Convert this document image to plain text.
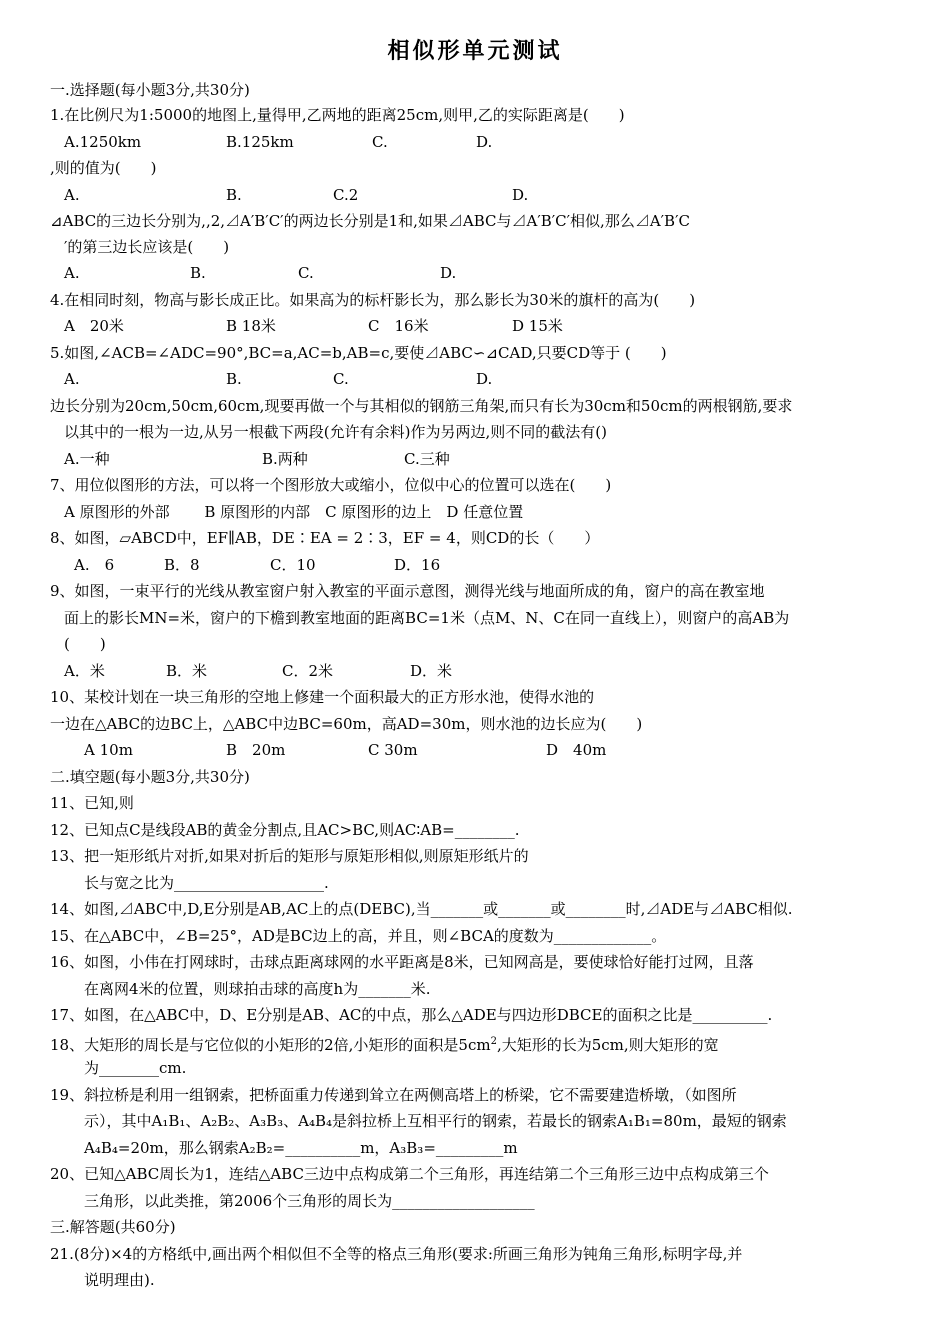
相似形单元测试
一.选择题(每小题3分,共30分)
1.在比例尺为1:5000的地图上,量得甲,乙两地的距离25cm,则甲,乙的实际距离是(　　)
A.1250km	B.125km	C.	D.
,则的值为(　　)
A.	B.	C.2	D.
⊿ABC的三边长分别为,,2,⊿A′B′C′的两边长分别是1和,如果⊿ABC与⊿A′B′C′相似,那么⊿A′B′C
′的第三边长应该是(　　)
A.	B.	C.	D.
4.在相同时刻，物高与影长成正比。如果高为的标杆影长为，那么影长为30米的旗杆的高为(　　)
A　20米	B 18米	C　16米	D 15米
5.如图,∠ACB=∠ADC=90°,BC=a,AC=b,AB=c,要使⊿ABC∽⊿CAD,只要CD等于 (　　)
A.	B.	C.	D.
边长分别为20cm,50cm,60cm,现要再做一个与其相似的钢筋三角架,而只有长为30cm和50cm的两根钢筋,要求
以其中的一根为一边,从另一根截下两段(允许有余料)作为另两边,则不同的截法有()
A.一种	B.两种	C.三种
7、用位似图形的方法，可以将一个图形放大或缩小，位似中心的位置可以选在(　　)
A 原图形的外部　　 B 原图形的内部　C 原图形的边上　D 任意位置
8、如图，▱ABCD中，EF∥AB，DE∶EA = 2∶3，EF = 4，则CD的长（　　）
A.　6	B．8	C．10	D．16
9、如图，一束平行的光线从教室窗户射入教室的平面示意图，测得光线与地面所成的角，窗户的高在教室地
面上的影长MN=米，窗户的下檐到教室地面的距离BC=1米（点M、N、C在同一直线上），则窗户的高AB为
(　　)
A．米	B．米	C．2米	D．米
10、某校计划在一块三角形的空地上修建一个面积最大的正方形水池，使得水池的
一边在△ABC的边BC上，△ABC中边BC=60m，高AD=30m，则水池的边长应为(　　)
A 10m	B　20m	C 30m	D　40m
二.填空题(每小题3分,共30分)
11、已知,则
12、已知点C是线段AB的黄金分割点,且AC>BC,则AC∶AB=________.
13、把一矩形纸片对折,如果对折后的矩形与原矩形相似,则原矩形纸片的
长与宽之比为____________________.
14、如图,⊿ABC中,D,E分别是AB,AC上的点(DEBC),当_______或_______或________时,⊿ADE与⊿ABC相似.
15、在△ABC中，∠B=25°，AD是BC边上的高，并且，则∠BCA的度数为_____________。
16、如图，小伟在打网球时，击球点距离球网的水平距离是8米，已知网高是，要使球恰好能打过网，且落
在离网4米的位置，则球拍击球的高度h为_______米.
17、如图，在△ABC中，D、E分别是AB、AC的中点，那么△ADE与四边形DBCE的面积之比是__________.
18、大矩形的周长是与它位似的小矩形的2倍,小矩形的面积是$5cm^2$,大矩形的长为5cm,则大矩形的宽
为________cm.
19、斜拉桥是利用一组钢索，把桥面重力传递到耸立在两侧高塔上的桥梁，它不需要建造桥墩，（如图所
示），其中A₁B₁、A₂B₂、A₃B₃、A₄B₄是斜拉桥上互相平行的钢索，若最长的钢索A₁B₁=80m，最短的钢索
A₄B₄=20m，那么钢索A₂B₂=__________m，A₃B₃=_________m
20、已知△ABC周长为1，连结△ABC三边中点构成第二个三角形，再连结第二个三角形三边中点构成第三个
三角形，以此类推，第2006个三角形的周长为___________________
三.解答题(共60分)
21.(8分)×4的方格纸中,画出两个相似但不全等的格点三角形(要求:所画三角形为钝角三角形,标明字母,并
说明理由).
